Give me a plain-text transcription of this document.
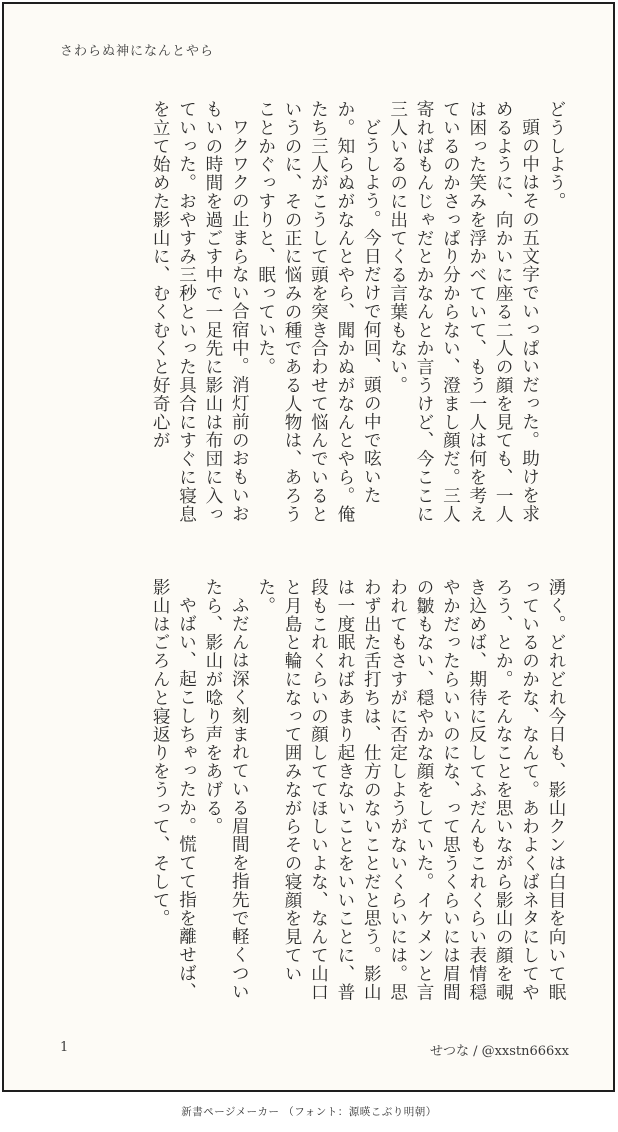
さわらぬ神になんとやら
どうしよう。
頭の中はその五文字でいっぱいだった。助けを求めるように、向かいに座る二人の顔を見ても、一人は困った笑みを浮かべていて、もう一人は何を考えているのかさっぱり分からない、澄まし顔だ。三人寄ればもんじゃだとかなんとか言うけど、今ここに三人いるのに出てくる言葉もない。
どうしよう。今日だけで何回、頭の中で呟いたか。知らぬがなんとやら、聞かぬがなんとやら。俺たち三人がこうして頭を突き合わせて悩んでいるというのに、その正に悩みの種である人物は、あろうことかぐっすりと、眠っていた。
ワクワクの止まらない合宿中。消灯前のおもいおもいの時間を過ごす中で一足先に影山は布団に入っていった。おやすみ三秒といった具合にすぐに寝息を立て始めた影山に、むくむくと好奇心が
湧く。どれどれ今日も、影山クンは白目を向いて眠っているのかな、なんて。あわよくばネタにしてやろう、とか。そんなことを思いながら影山の顔を覗き込めば、期待に反してふだんもこれくらい表情穏やかだったらいいのにな、って思うくらいには眉間の皺もない、穏やかな顔をしていた。イケメンと言われてもさすがに否定しようがないくらいには。思わず出た舌打ちは、仕方のないことだと思う。影山は一度眠ればあまり起きないことをいいことに、普段もこれくらいの顔しててほしいよな、なんて山口と月島と輪になって囲みながらその寝顔を見ていた。
ふだんは深く刻まれている眉間を指先で軽くついたら、影山が唸り声をあげる。
やばい、起こしちゃったか。慌てて指を離せば、影山はごろんと寝返りをうって、そして。
1	せつな / @xxstn666xx
新書ページメーカー （フォント：源暎こぶり明朝）
